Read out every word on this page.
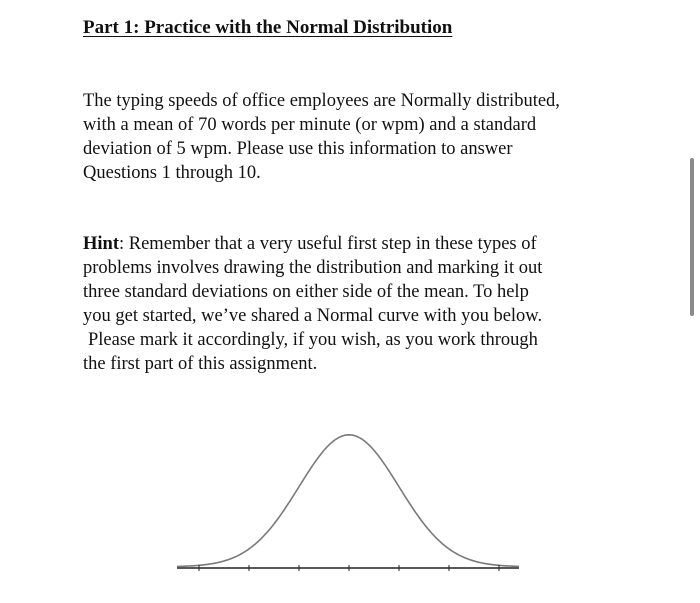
Part 1: Practice with the Normal Distribution

The typing speeds of office employees are Normally distributed,
with a mean of 70 words per minute (or wpm) and a standard
deviation of 5 wpm. Please use this information to answer
Questions 1 through 10.

Hint: Remember that a very useful first step in these types of
problems involves drawing the distribution and marking it out
three standard deviations on either side of the mean. To help
you get started, we’ve shared a Normal curve with you below.
Please mark it accordingly, if you wish, as you work through
the first part of this assignment.
